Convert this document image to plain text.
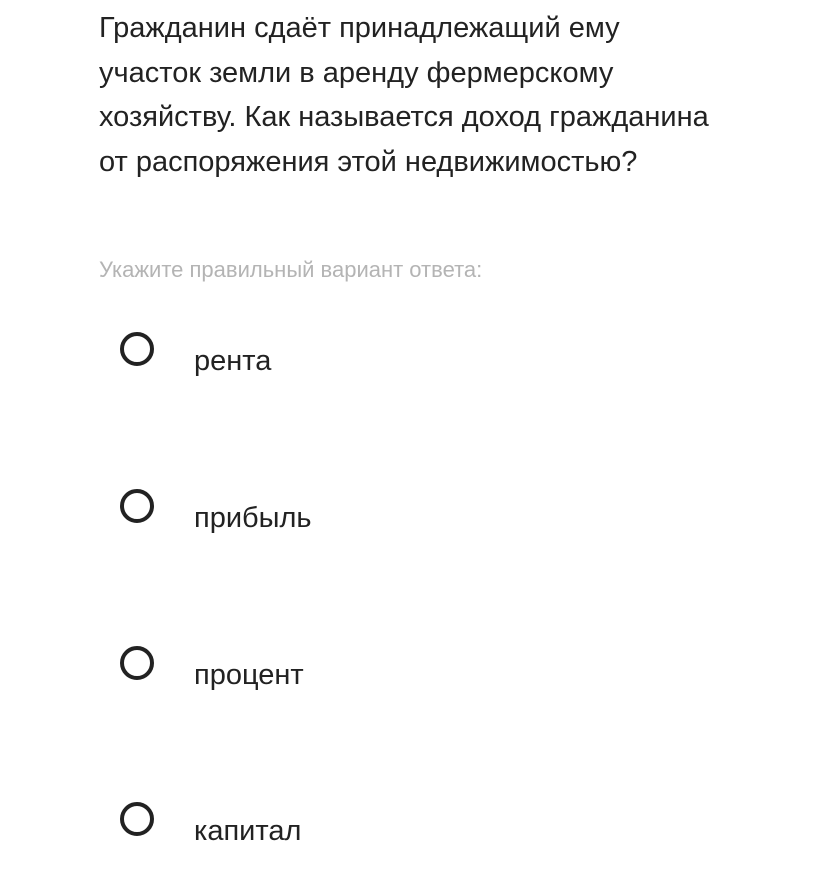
Гражданин сдаёт принадлежащий ему участок земли в аренду фермерскому хозяйству. Как называется доход гражданина от распоряжения этой недвижимостью?
Укажите правильный вариант ответа:
рента
прибыль
процент
капитал
